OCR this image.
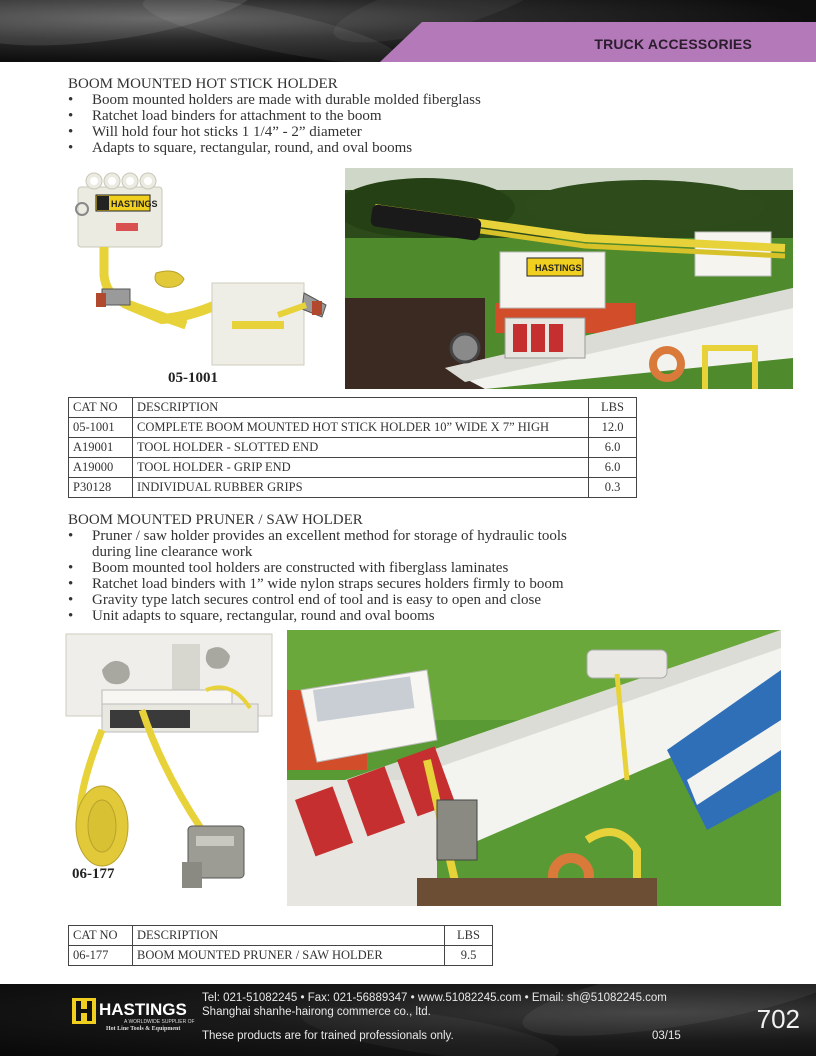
TRUCK ACCESSORIES
BOOM MOUNTED HOT STICK HOLDER
• Boom mounted holders are made with durable molded fiberglass
• Ratchet load binders for attachment to the boom
• Will hold four hot sticks 1 1/4” - 2” diameter
• Adapts to square, rectangular, round, and oval booms
HASTINGS
05-1001
HASTINGS
CAT NO	DESCRIPTION	LBS
05-1001	COMPLETE BOOM MOUNTED HOT STICK HOLDER 10” WIDE X 7” HIGH	12.0
A19001	TOOL HOLDER - SLOTTED END	6.0
A19000	TOOL HOLDER - GRIP END	6.0
P30128	INDIVIDUAL RUBBER GRIPS	0.3
BOOM MOUNTED PRUNER / SAW HOLDER
• Pruner / saw holder provides an excellent method for storage of hydraulic tools
during line clearance work
• Boom mounted tool holders are constructed with fiberglass laminates
• Ratchet load binders with 1” wide nylon straps secures holders firmly to boom
• Gravity type latch secures control end of tool and is easy to open and close
• Unit adapts to square, rectangular, round and oval booms
06-177
CAT NO	DESCRIPTION	LBS
06-177	BOOM MOUNTED PRUNER / SAW HOLDER	9.5
HASTINGS
A WORLDWIDE SUPPLIER OF
Hot Line Tools & Equipment
Tel: 021-51082245 • Fax: 021-56889347 • www.51082245.com • Email: sh@51082245.com
Shanghai shanhe-hairong commerce co., ltd.
These products are for trained professionals only.	03/15
702
